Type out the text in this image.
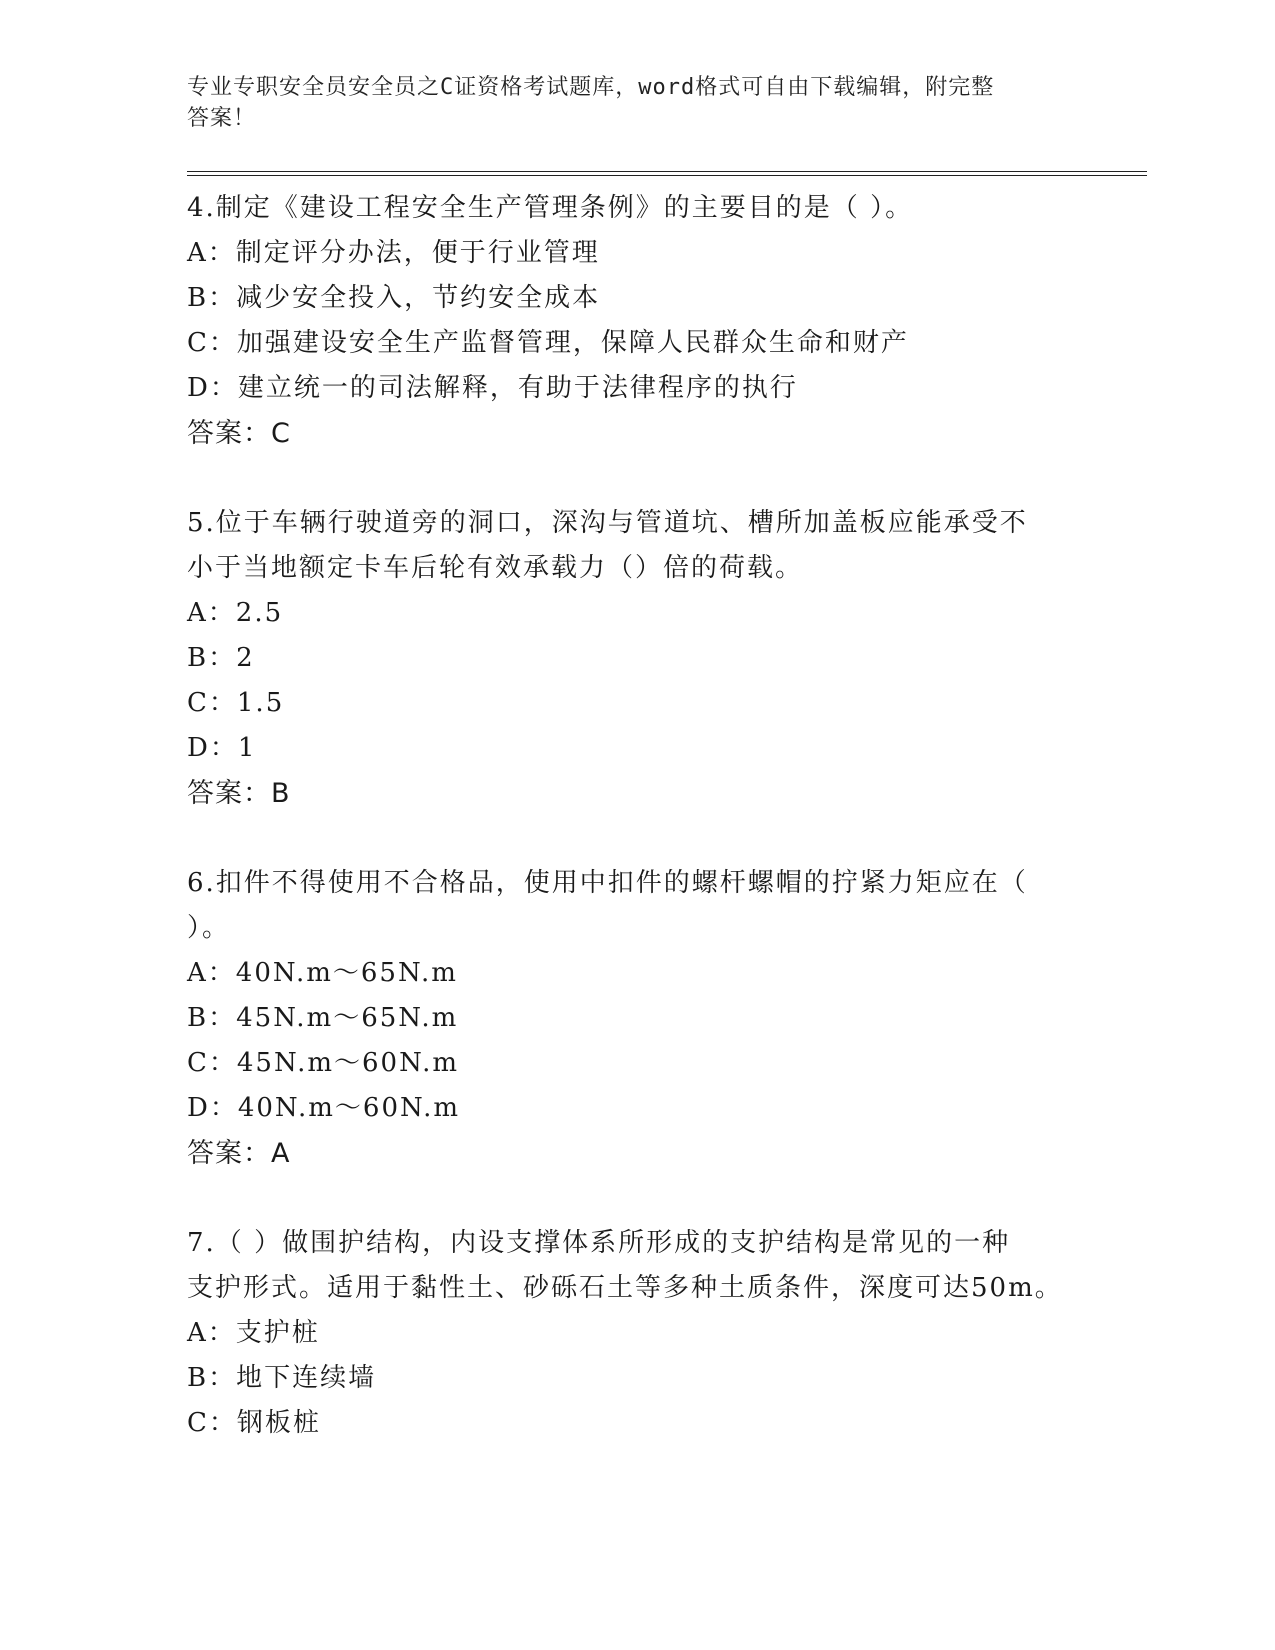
专业专职安全员安全员之C证资格考试题库，word格式可自由下载编辑，附完整
答案！
4.制定《建设工程安全生产管理条例》的主要目的是（ ）。
A：制定评分办法，便于行业管理
B：减少安全投入，节约安全成本
C：加强建设安全生产监督管理，保障人民群众生命和财产
D：建立统一的司法解释，有助于法律程序的执行
答案：C
5.位于车辆行驶道旁的洞口，深沟与管道坑、槽所加盖板应能承受不
小于当地额定卡车后轮有效承载力（）倍的荷载。
A：2.5
B：2
C：1.5
D：1
答案：B
6.扣件不得使用不合格品，使用中扣件的螺杆螺帽的拧紧力矩应在（
）。
A：40N.m～65N.m
B：45N.m～65N.m
C：45N.m～60N.m
D：40N.m～60N.m
答案：A
7.（ ）做围护结构，内设支撑体系所形成的支护结构是常见的一种
支护形式。适用于黏性土、砂砾石土等多种土质条件，深度可达50m。
A：支护桩
B：地下连续墙
C：钢板桩
